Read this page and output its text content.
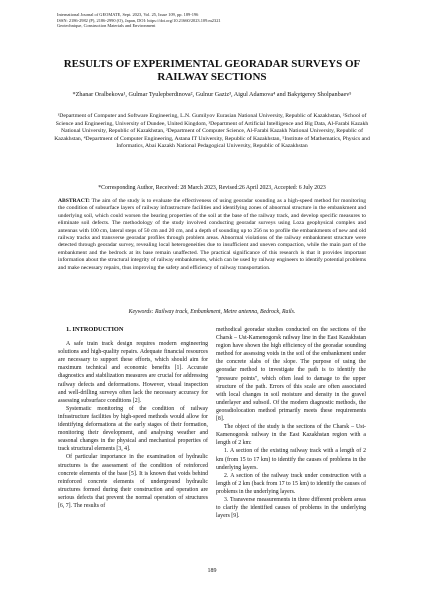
International Journal of GEOMATE, Sept. 2023, Vol. 25, Issue 109, pp. 189-196
ISSN: 2186-2982 (P), 2186-2990 (O), Japan, DOI: https://doi.org/10.21660/2023.109.m2321
Geotechnique, Construction Materials and Environment
RESULTS OF EXPERIMENTAL GEORADAR SURVEYS OF RAILWAY SECTIONS
*Zhanar Oralbekova¹, Gulmar Tyulepberdinova², Gulnur Gaziz³, Aigul Adamova⁴ and Bakytgerey Sholpanbaev⁵
¹Department of Computer and Software Engineering, L.N. Gumilyov Eurasian National University, Republic of Kazakhstan, ²School of Science and Engineering, University of Dundee, United Kingdom, ³Department of Artificial Intelligence and Big Data, Al-Farabi Kazakh National University, Republic of Kazakhstan, ²Department of Computer Science, Al-Farabi Kazakh National University, Republic of Kazakhstan, ⁴Department of Computer Engineering, Astana IT University, Republic of Kazakhstan, ⁵Institute of Mathematics, Physics and Informatics, Abai Kazakh National Pedagogical University, Republic of Kazakhstan
*Corresponding Author, Received: 28 March 2023, Revised:26 April 2023, Accepted: 6 July 2023
ABSTRACT: The aim of the study is to evaluate the effectiveness of using georadar sounding as a high-speed method for monitoring the condition of subsurface layers of railway infrastructure facilities and identifying zones of abnormal structure in the embankment and underlying soil, which could worsen the bearing properties of the soil at the base of the railway track, and develop specific measures to eliminate soil defects. The methodology of the study involved conducting georadar surveys using Loza geophysical complex and antennas with 100 cm, lateral steps of 50 cm and 20 cm, and a depth of sounding up to 256 ns to profile the embankments of new and old railway tracks and transverse georadar profiles through problem areas. Abnormal violations of the railway embankment structure were detected through georadar survey, revealing local heterogeneities due to insufficient and uneven compaction, while the main part of the embankment and the bedrock at its base remain unaffected. The practical significance of this research is that it provides important information about the structural integrity of railway embankments, which can be used by railway engineers to identify potential problems and make necessary repairs, thus improving the safety and efficiency of railway transportation.
Keywords: Railway track, Embankment, Metre antenna, Bedrock, Rails.
1. INTRODUCTION

A safe train track design requires modern engineering solutions and high-quality repairs. Adequate financial resources are necessary to support these efforts, which should aim for maximum technical and economic benefits [1]. Accurate diagnostics and stabilization measures are crucial for addressing railway defects and deformations. However, visual inspection and well-drilling surveys often lack the necessary accuracy for assessing subsurface conditions [2].

Systematic monitoring of the condition of railway infrastructure facilities by high-speed methods would allow for identifying deformations at the early stages of their formation, monitoring their development, and analysing weather and seasonal changes in the physical and mechanical properties of track structural elements [3, 4].

Of particular importance in the examination of hydraulic structures is the assessment of the condition of reinforced concrete elements of the base [5]. It is known that voids behind reinforced concrete elements of underground hydraulic structures formed during their construction and operation are serious defects that prevent the normal operation of structures [6, 7]. The results of

methodical georadar studies conducted on the sections of the Charsk – Ust-Kamenogorsk railway line in the East Kazakhstan region have shown the high efficiency of the georadar sounding method for assessing voids in the soil of the embankment under the concrete slabs of the slope. The purpose of using the georadar method to investigate the path is to identify the "pressure points", which often lead to damage to the upper structure of the path. Errors of this scale are often associated with local changes in soil moisture and density in the gravel underlayer and subsoil. Of the modern diagnostic methods, the georadiolocation method primarily meets these requirements [8].

The object of the study is the sections of the Charsk – Ust-Kamenogorsk railway in the East Kazakhstan region with a length of 2 km:

1. A section of the existing railway track with a length of 2 km (from 15 to 17 km) to identify the causes of problems in the underlying layers.

2. A section of the railway track under construction with a length of 2 km (back from 17 to 15 km) to identify the causes of problems in the underlying layers.

3. Transverse measurements in three different problem areas to clarify the identified causes of problems in the underlying layers [9].

189
